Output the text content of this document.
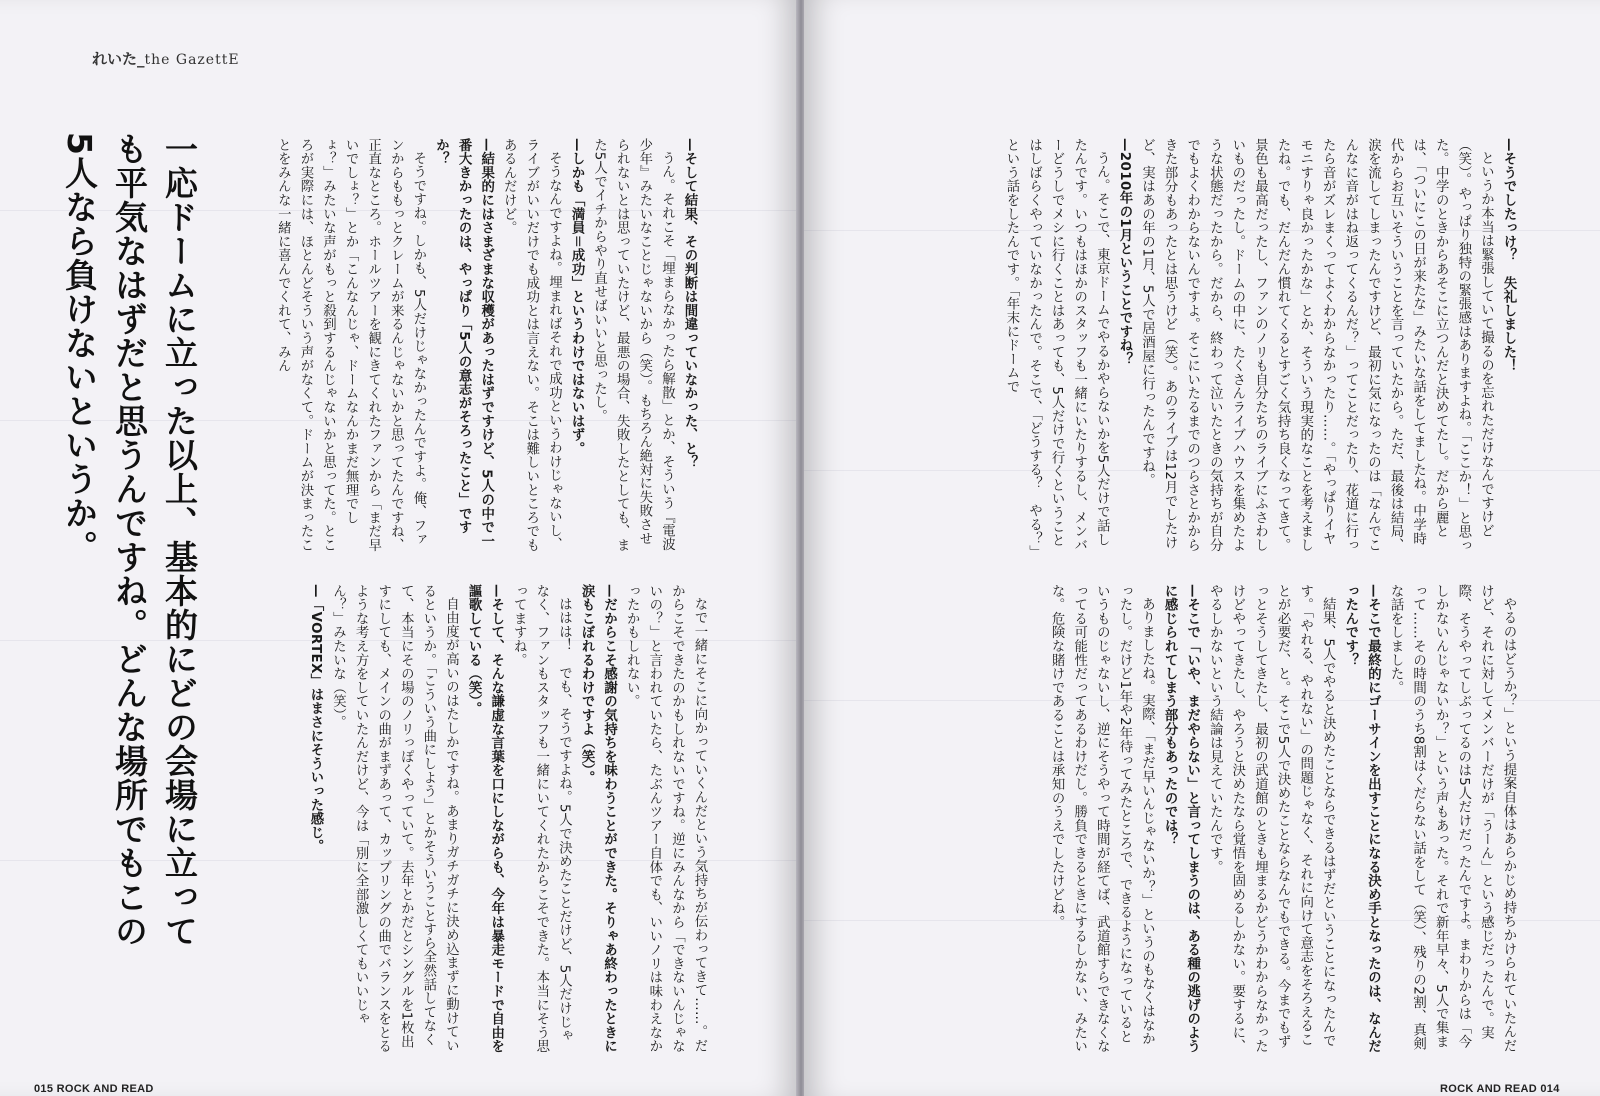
れいた_the GazettE
一応ドームに立った以上、基本的にどの会場に立っても平気なはずだと思うんですね。どんな場所でもこの5人なら負けないというか。	—そして結果、その判断は間違っていなかった、と？

うん。それこそ「埋まらなかったら解散」とか、そういう『電波少年』みたいなことじゃないから（笑）。もちろん絶対に失敗させられないとは思っていたけど、最悪の場合、失敗したとしても、また5人でイチからやり直せばいいと思ったし。

—しかも「満員＝成功」というわけではないはず。

そうなんですよね。埋まればそれで成功というわけじゃないし、ライブがいいだけでも成功とは言えない。そこは難しいところでもあるんだけど。

—結果的にはさまざまな収穫があったはずですけど、5人の中で一番大きかったのは、やっぱり「5人の意志がそろったこと」ですか？

そうですね。しかも、5人だけじゃなかったんですよ。俺、ファンからももっとクレームが来るんじゃないかと思ってたんですね、正直なところ。ホールツアーを観にきてくれたファンから「まだ早いでしょ？」とか「こんなんじゃ、ドームなんかまだ無理でしょ？」みたいな声がもっと殺到するんじゃないかと思ってた。ところが実際には、ほとんどそういう声がなくて。ドームが決まったことをみんな一緒に喜んでくれて、みん

なで一緒にそこに向かっていくんだという気持ちが伝わってきて……。だからこそできたのかもしれないですね。逆にみんなから「できないんじゃないの？」と言われていたら、たぶんツアー自体でも、いいノリは味わえなかったかもしれない。

—だからこそ感謝の気持ちを味わうことができた。そりゃあ終わったときに涙もこぼれるわけですよ（笑）。

ははは！　でも、そうですよね。5人で決めたことだけど、5人だけじゃなく、ファンもスタッフも一緒にいてくれたからこそできた。本当にそう思ってますね。

—そして、そんな謙虚な言葉を口にしながらも、今年は暴走モードで自由を謳歌している（笑）。

自由度が高いのはたしかですね。あまりガチガチに決め込まずに動けているというか。「こういう曲にしよう」とかそういうことすら全然話してなくて、本当にその場のノリっぽくやっていて。去年とかだとシングルを1枚出すにしても、メインの曲がまずあって、カップリングの曲でバランスをとるような考え方をしていたんだけど、今は「別に全部激しくてもいいじゃん？」みたいな（笑）。

—「VORTEX」はまさにそういった感じ。

015 ROCK AND READ

—そうでしたっけ？　失礼しました！

というか本当は緊張していて撮るのを忘れただけなんですけど（笑）。やっぱり独特の緊張感はありますよね。「ここか！」と思った。中学のときからあそこに立つんだと決めてたし。だから麗とは、「ついにこの日が来たな」みたいな話をしてましたね。中学時代からお互いそういうことを言っていたから。ただ、最後は結局、涙を流してしまったんですけど、最初に気になったのは「なんでこんなに音がはね返ってくるんだ？」ってことだったり、花道に行ったら音がズレまくってよくわからなかったり……。「やっぱりイヤモニすりゃ良かったかな」とか、そういう現実的なことを考えましたね。でも、だんだん慣れてくるとすごく気持ち良くなってきて。景色も最高だったし、ファンのノリも自分たちのライブにふさわしいものだったし。ドームの中に、たくさんライブハウスを集めたような状態だったから。だから、終わって泣いたときの気持ちが自分でもよくわからないんですよ。そこにいたるまでのつらさとかからきた部分もあったとは思うけど（笑）。あのライブは12月でしたけど、実はあの年の1月、5人で居酒屋に行ったんですね。

—2010年の1月ということですね？

うん。そこで、東京ドームでやるかやらないかを5人だけで話したんです。いつもはほかのスタッフも一緒にいたりするし、メンバーどうしでメシに行くことはあっても、5人だけで行くということはしばらくやっていなかったんで。そこで、「どうする？　やる？」という話をしたんです。「年末にドームで

やるのはどうか？」という提案自体はあらかじめ持ちかけられていたんだけど、それに対してメンバーだけが「うーん」という感じだったんで。実際、そうやってしぶってるのは5人だけだったんですよ。まわりからは「今しかないんじゃないか？」という声もあった。それで新年早々、5人で集まって……その時間のうち8割はくだらない話をして（笑）、残りの2割、真剣な話をしました。

—そこで最終的にゴーサインを出すことになる決め手となったのは、なんだったんです？

結果、5人でやると決めたことならできるはずだということになったんです。「やれる、やれない」の問題じゃなく、それに向けて意志をそろえることが必要だ、と。そこで5人で決めたことならなんでもできる。今までもずっとそうしてきたし、最初の武道館のときも埋まるかどうかわからなかったけどやってきたし、やろうと決めたなら覚悟を固めるしかない。要するに、やるしかないという結論は見えていたんです。

—そこで「いや、まだやらない」と言ってしまうのは、ある種の逃げのように感じられてしまう部分もあったのでは？

ありましたね。実際、「まだ早いんじゃないか？」というのもなくはなかったし。だけど1年や2年待ってみたところで、できるようになっているというものじゃないし、逆にそうやって時間が経てば、武道館すらできなくなってる可能性だってあるわけだし。勝負できるときにするしかない、みたいな。危険な賭けであることは承知のうえでしたけどね。

ROCK AND READ 014
